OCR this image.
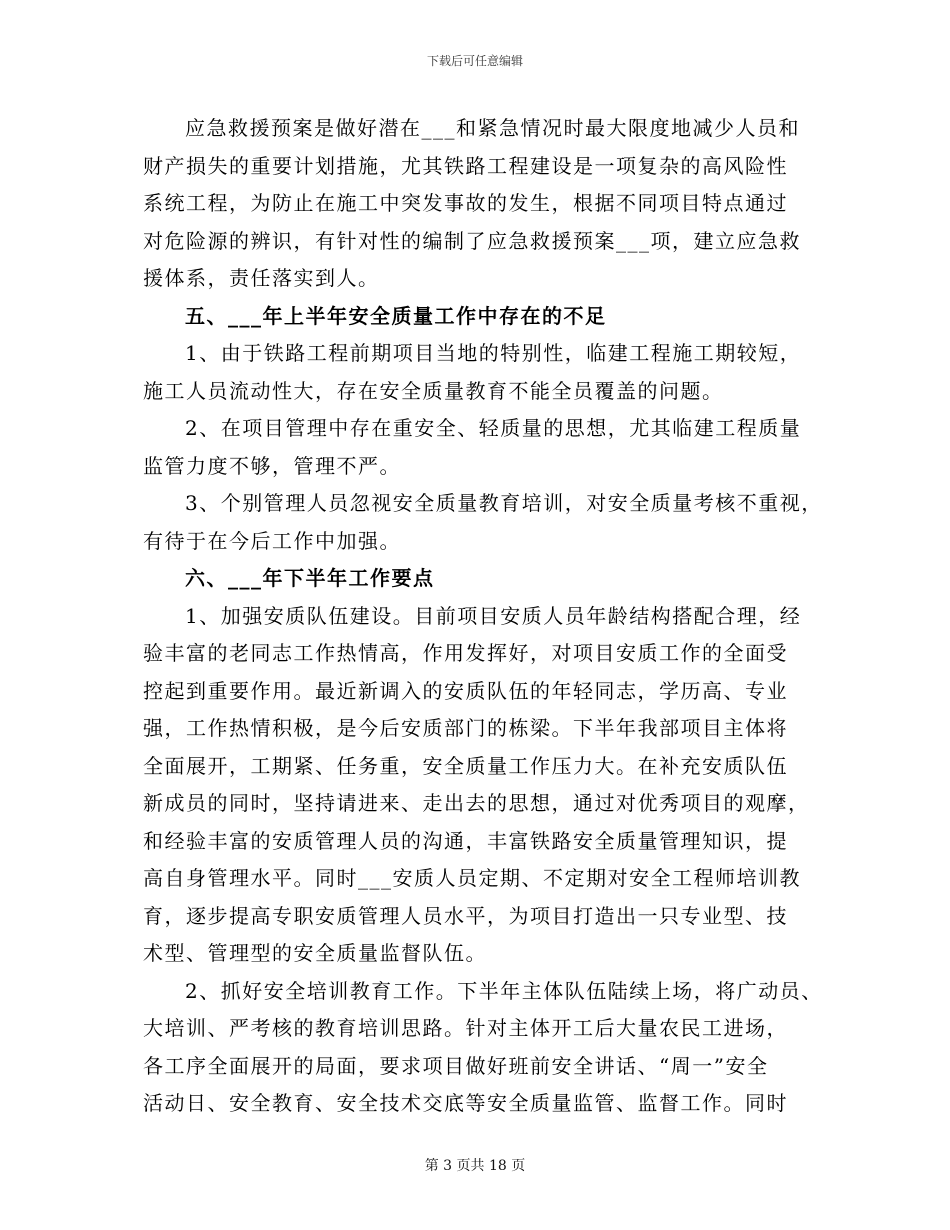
下载后可任意编辑
应急救援预案是做好潜在___和紧急情况时最大限度地减少人员和
财产损失的重要计划措施，尤其铁路工程建设是一项复杂的高风险性
系统工程，为防止在施工中突发事故的发生，根据不同项目特点通过
对危险源的辨识，有针对性的编制了应急救援预案___项，建立应急救
援体系，责任落实到人。
五、___年上半年安全质量工作中存在的不足
1、由于铁路工程前期项目当地的特别性，临建工程施工期较短，
施工人员流动性大，存在安全质量教育不能全员覆盖的问题。
2、在项目管理中存在重安全、轻质量的思想，尤其临建工程质量
监管力度不够，管理不严。
3、个别管理人员忽视安全质量教育培训，对安全质量考核不重视，
有待于在今后工作中加强。
六、___年下半年工作要点
1、加强安质队伍建设。目前项目安质人员年龄结构搭配合理，经
验丰富的老同志工作热情高，作用发挥好，对项目安质工作的全面受
控起到重要作用。最近新调入的安质队伍的年轻同志，学历高、专业
强，工作热情积极，是今后安质部门的栋梁。下半年我部项目主体将
全面展开，工期紧、任务重，安全质量工作压力大。在补充安质队伍
新成员的同时，坚持请进来、走出去的思想，通过对优秀项目的观摩，
和经验丰富的安质管理人员的沟通，丰富铁路安全质量管理知识，提
高自身管理水平。同时___安质人员定期、不定期对安全工程师培训教
育，逐步提高专职安质管理人员水平，为项目打造出一只专业型、技
术型、管理型的安全质量监督队伍。
2、抓好安全培训教育工作。下半年主体队伍陆续上场，将广动员、
大培训、严考核的教育培训思路。针对主体开工后大量农民工进场，
各工序全面展开的局面，要求项目做好班前安全讲话、“周一”安全
活动日、安全教育、安全技术交底等安全质量监管、监督工作。同时
第 3 页共 18 页
